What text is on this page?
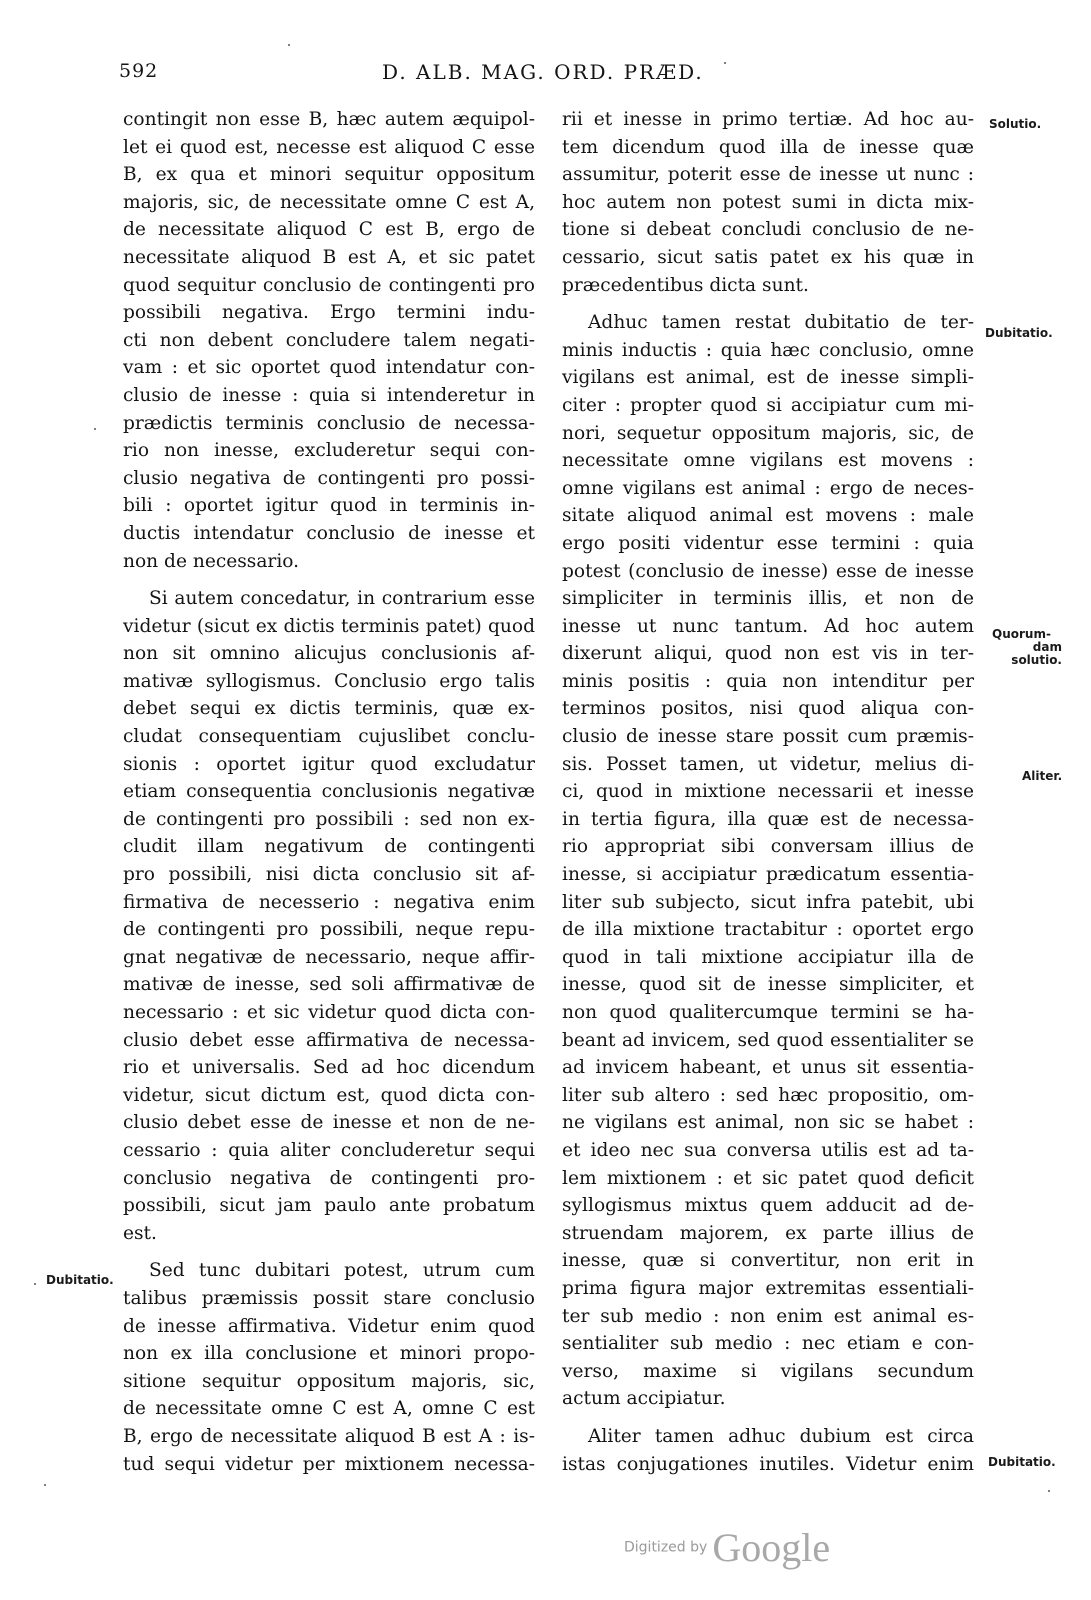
592	D. ALB. MAG. ORD. PRÆD.
contingit non esse B, hæc autem æquipol-
let ei quod est, necesse est aliquod C esse
B, ex qua et minori sequitur oppositum
majoris, sic, de necessitate omne C est A,
de necessitate aliquod C est B, ergo de
necessitate aliquod B est A, et sic patet
quod sequitur conclusio de contingenti pro
possibili negativa. Ergo termini indu-
cti non debent concludere talem negati-
vam : et sic oportet quod intendatur con-
clusio de inesse : quia si intenderetur in
prædictis terminis conclusio de necessa-
rio non inesse, excluderetur sequi con-
clusio negativa de contingenti pro possi-
bili : oportet igitur quod in terminis in-
ductis intendatur conclusio de inesse et
non de necessario.
Si autem concedatur, in contrarium esse
videtur (sicut ex dictis terminis patet) quod
non sit omnino alicujus conclusionis af-
mativæ syllogismus. Conclusio ergo talis
debet sequi ex dictis terminis, quæ ex-
cludat consequentiam cujuslibet conclu-
sionis : oportet igitur quod excludatur
etiam consequentia conclusionis negativæ
de contingenti pro possibili : sed non ex-
cludit illam negativum de contingenti
pro possibili, nisi dicta conclusio sit af-
firmativa de necesserio : negativa enim
de contingenti pro possibili, neque repu-
gnat negativæ de necessario, neque affir-
mativæ de inesse, sed soli affirmativæ de
necessario : et sic videtur quod dicta con-
clusio debet esse affirmativa de necessa-
rio et universalis. Sed ad hoc dicendum
videtur, sicut dictum est, quod dicta con-
clusio debet esse de inesse et non de ne-
cessario : quia aliter concluderetur sequi
conclusio negativa de contingenti pro-
possibili, sicut jam paulo ante probatum
est.
Sed tunc dubitari potest, utrum cum
talibus præmissis possit stare conclusio
de inesse affirmativa. Videtur enim quod
non ex illa conclusione et minori propo-
sitione sequitur oppositum majoris, sic,
de necessitate omne C est A, omne C est
B, ergo de necessitate aliquod B est A : is-
tud sequi videtur per mixtionem necessa-
rii et inesse in primo tertiæ. Ad hoc au-
tem dicendum quod illa de inesse quæ
assumitur, poterit esse de inesse ut nunc :
hoc autem non potest sumi in dicta mix-
tione si debeat concludi conclusio de ne-
cessario, sicut satis patet ex his quæ in
præcedentibus dicta sunt.
Adhuc tamen restat dubitatio de ter-
minis inductis : quia hæc conclusio, omne
vigilans est animal, est de inesse simpli-
citer : propter quod si accipiatur cum mi-
nori, sequetur oppositum majoris, sic, de
necessitate omne vigilans est movens :
omne vigilans est animal : ergo de neces-
sitate aliquod animal est movens : male
ergo positi videntur esse termini : quia
potest (conclusio de inesse) esse de inesse
simpliciter in terminis illis, et non de
inesse ut nunc tantum. Ad hoc autem
dixerunt aliqui, quod non est vis in ter-
minis positis : quia non intenditur per
terminos positos, nisi quod aliqua con-
clusio de inesse stare possit cum præmis-
sis. Posset tamen, ut videtur, melius di-
ci, quod in mixtione necessarii et inesse
in tertia figura, illa quæ est de necessa-
rio appropriat sibi conversam illius de
inesse, si accipiatur prædicatum essentia-
liter sub subjecto, sicut infra patebit, ubi
de illa mixtione tractabitur : oportet ergo
quod in tali mixtione accipiatur illa de
inesse, quod sit de inesse simpliciter, et
non quod qualitercumque termini se ha-
beant ad invicem, sed quod essentialiter se
ad invicem habeant, et unus sit essentia-
liter sub altero : sed hæc propositio, om-
ne vigilans est animal, non sic se habet :
et ideo nec sua conversa utilis est ad ta-
lem mixtionem : et sic patet quod deficit
syllogismus mixtus quem adducit ad de-
struendam majorem, ex parte illius de
inesse, quæ si convertitur, non erit in
prima figura major extremitas essentiali-
ter sub medio : non enim est animal es-
sentialiter sub medio : nec etiam e con-
verso, maxime si vigilans secundum
actum accipiatur.
Aliter tamen adhuc dubium est circa
istas conjugationes inutiles. Videtur enim
Solutio.
Dubitatio.
Quorum-
dam solutio.
Aliter.
Dubitatio.
Dubitatio.
Digitized by Google
